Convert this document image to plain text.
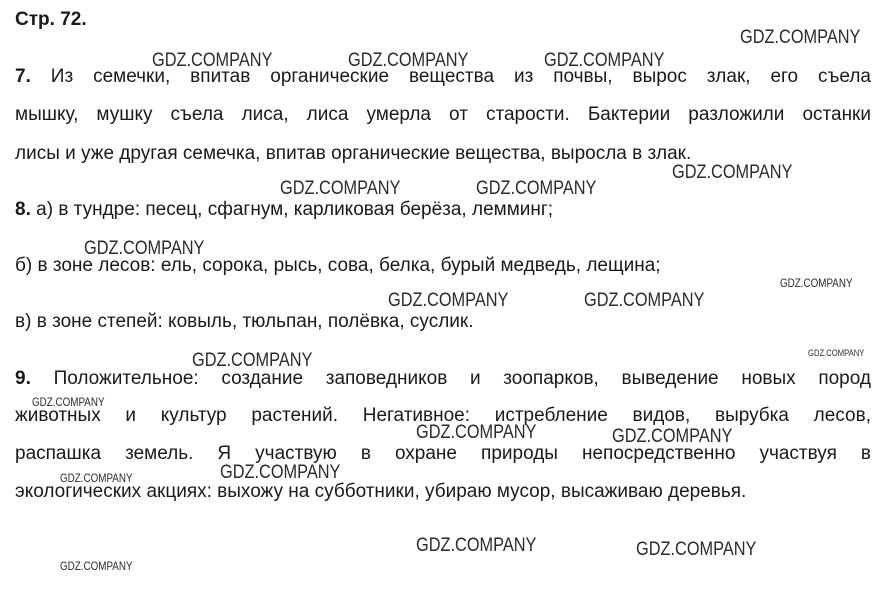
Стр. 72.
7. Из семечки, впитав органические вещества из почвы, вырос злак, его съела
мышку, мушку съела лиса, лиса умерла от старости. Бактерии разложили останки
лисы и уже другая семечка, впитав органические вещества, выросла в злак.
8. а) в тундре: песец, сфагнум, карликовая берёза, лемминг;
б) в зоне лесов: ель, сорока, рысь, сова, белка, бурый медведь, лещина;
в) в зоне степей: ковыль, тюльпан, полёвка, суслик.
9. Положительное: создание заповедников и зоопарков, выведение новых пород
животных и культур растений. Негативное: истребление видов, вырубка лесов,
распашка земель. Я участвую в охране природы непосредственно участвуя в
экологических акциях: выхожу на субботники, убираю мусор, высаживаю деревья.
GDZ.COMPANY
GDZ.COMPANY	GDZ.COMPANY	GDZ.COMPANY
GDZ.COMPANY
GDZ.COMPANY	GDZ.COMPANY
GDZ.COMPANY
GDZ.COMPANY
GDZ.COMPANY	GDZ.COMPANY
GDZ.COMPANY
GDZ.COMPANY
GDZ.COMPANY
GDZ.COMPANY	GDZ.COMPANY
GDZ.COMPANY
GDZ.COMPANY
GDZ.COMPANY	GDZ.COMPANY
GDZ.COMPANY
